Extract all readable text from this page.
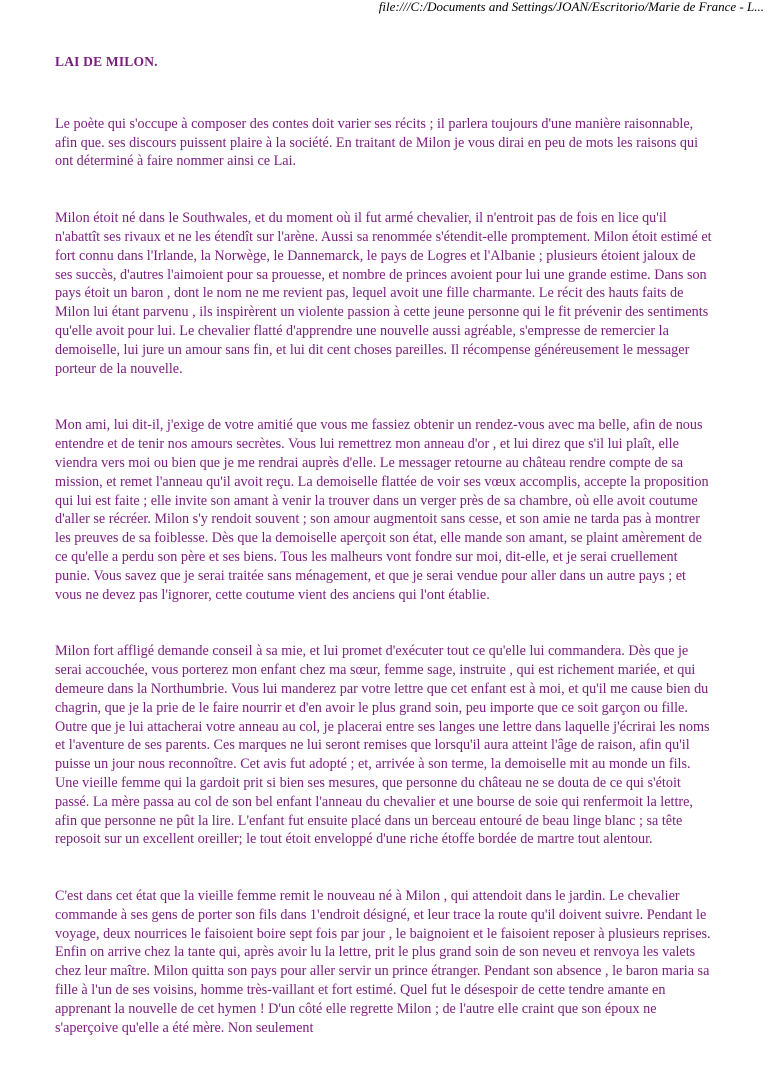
file:///C:/Documents and Settings/JOAN/Escritorio/Marie de France - L...
LAI DE MILON.
Le poète qui s'occupe à composer des contes doit varier ses récits ; il parlera toujours d'une manière raisonnable, afin que. ses discours puissent plaire à la société. En traitant de Milon je vous dirai en peu de mots les raisons qui ont déterminé à faire nommer ainsi ce Lai.
Milon étoit né dans le Southwales, et du moment où il fut armé chevalier, il n'entroit pas de fois en lice qu'il n'abattît ses rivaux et ne les étendît sur l'arène. Aussi sa renommée s'étendit-elle promptement. Milon étoit estimé et fort connu dans l'Irlande, la Norwège, le Dannemarck, le pays de Logres et l'Albanie ; plusieurs étoient jaloux de ses succès, d'autres l'aimoient pour sa prouesse, et nombre de princes avoient pour lui une grande estime. Dans son pays étoit un baron , dont le nom ne me revient pas, lequel avoit une fille charmante. Le récit des hauts faits de Milon lui étant parvenu , ils inspirèrent un violente passion à cette jeune personne qui le fit prévenir des sentiments qu'elle avoit pour lui. Le chevalier flatté d'apprendre une nouvelle aussi agréable, s'empresse de remercier la demoiselle, lui jure un amour sans fin, et lui dit cent choses pareilles. Il récompense généreusement le messager porteur de la nouvelle.
Mon ami, lui dit-il, j'exige de votre amitié que vous me fassiez obtenir un rendez-vous avec ma belle, afin de nous entendre et de tenir nos amours secrètes. Vous lui remettrez mon anneau d'or , et lui direz que s'il lui plaît, elle viendra vers moi ou bien que je me rendrai auprès d'elle. Le messager retourne au château rendre compte de sa mission, et remet l'anneau qu'il avoit reçu. La demoiselle flattée de voir ses vœux accomplis, accepte la proposition qui lui est faite ; elle invite son amant à venir la trouver dans un verger près de sa chambre, où elle avoit coutume d'aller se récréer. Milon s'y rendoit souvent ; son amour augmentoit sans cesse, et son amie ne tarda pas à montrer les preuves de sa foiblesse. Dès que la demoiselle aperçoit son état, elle mande son amant, se plaint amèrement de ce qu'elle a perdu son père et ses biens. Tous les malheurs vont fondre sur moi, dit-elle, et je serai cruellement punie. Vous savez que je serai traitée sans ménagement, et que je serai vendue pour aller dans un autre pays ; et vous ne devez pas l'ignorer, cette coutume vient des anciens qui l'ont établie.
Milon fort affligé demande conseil à sa mie, et lui promet d'exécuter tout ce qu'elle lui commandera. Dès que je serai accouchée, vous porterez mon enfant chez ma sœur, femme sage, instruite , qui est richement mariée, et qui demeure dans la Northumbrie. Vous lui manderez par votre lettre que cet enfant est à moi, et qu'il me cause bien du chagrin, que je la prie de le faire nourrir et d'en avoir le plus grand soin, peu importe que ce soit garçon ou fille. Outre que je lui attacherai votre anneau au col, je placerai entre ses langes une lettre dans laquelle j'écrirai les noms et l'aventure de ses parents. Ces marques ne lui seront remises que lorsqu'il aura atteint l'âge de raison, afin qu'il puisse un jour nous reconnoître. Cet avis fut adopté ; et, arrivée à son terme, la demoiselle mit au monde un fils. Une vieille femme qui la gardoit prit si bien ses mesures, que personne du château ne se douta de ce qui s'étoit passé. La mère passa au col de son bel enfant l'anneau du chevalier et une bourse de soie qui renfermoit la lettre, afin que personne ne pût la lire. L'enfant fut ensuite placé dans un berceau entouré de beau linge blanc ; sa tête reposoit sur un excellent oreiller; le tout étoit enveloppé d'une riche étoffe bordée de martre tout alentour.
C'est dans cet état que la vieille femme remit le nouveau né à Milon , qui attendoit dans le jardin. Le chevalier commande à ses gens de porter son fils dans 1'endroit désigné, et leur trace la route qu'il doivent suivre. Pendant le voyage, deux nourrices le faisoient boire sept fois par jour , le baignoient et le faisoient reposer à plusieurs reprises. Enfin on arrive chez la tante qui, après avoir lu la lettre, prit le plus grand soin de son neveu et renvoya les valets chez leur maître. Milon quitta son pays pour aller servir un prince étranger. Pendant son absence , le baron maria sa fille à l'un de ses voisins, homme très-vaillant et fort estimé. Quel fut le désespoir de cette tendre amante en apprenant la nouvelle de cet hymen ! D'un côté elle regrette Milon ; de l'autre elle craint que son époux ne s'aperçoive qu'elle a été mère. Non seulement
